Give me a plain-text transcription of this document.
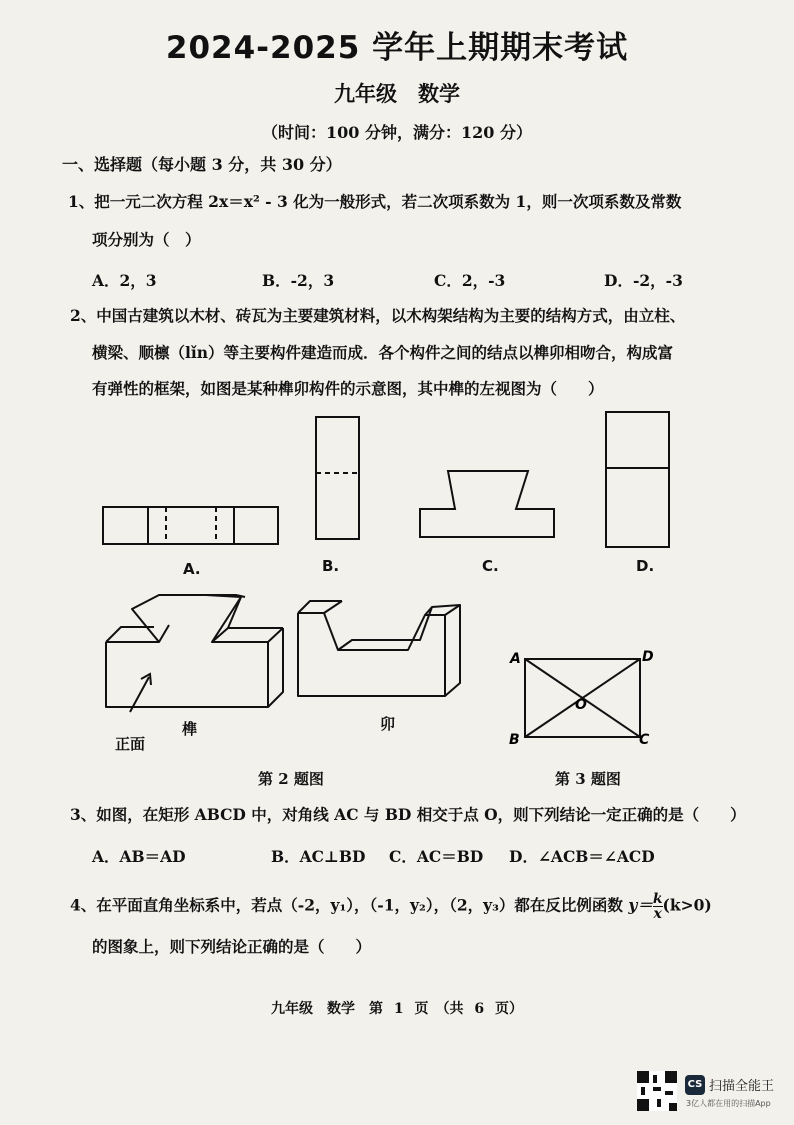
2024-2025 学年上期期末考试
九年级　数学
（时间：100 分钟，满分：120 分）
一、选择题（每小题 3 分，共 30 分）
1、把一元二次方程 2x＝x² - 3 化为一般形式，若二次项系数为 1，则一次项系数及常数
项分别为（　）
A．2，3	B．-2，3	C．2，-3	D．-2，-3
2、中国古建筑以木材、砖瓦为主要建筑材料，以木构架结构为主要的结构方式，由立柱、
横梁、顺檩（lǐn）等主要构件建造而成．各个构件之间的结点以榫卯相吻合，构成富
有弹性的框架，如图是某种榫卯构件的示意图，其中榫的左视图为（　　）
A.	B.	C.	D.
正面
榫	卯
第 2 题图
A	D
B	C
O
第 3 题图
3、如图，在矩形 ABCD 中，对角线 AC 与 BD 相交于点 O，则下列结论一定正确的是（　　）
A．AB＝AD	B．AC⊥BD C．AC＝BD D．∠ACB＝∠ACD
4、在平面直角坐标系中，若点（-2，y₁），（-1，y₂），（2，y₃）都在反比例函数 $y= \frac{k}{x} (k>0)$
的图象上，则下列结论正确的是（　　）
九年级　数学　第 1 页　（共 6 页）
CS 扫描全能王
3亿人都在用的扫描App
